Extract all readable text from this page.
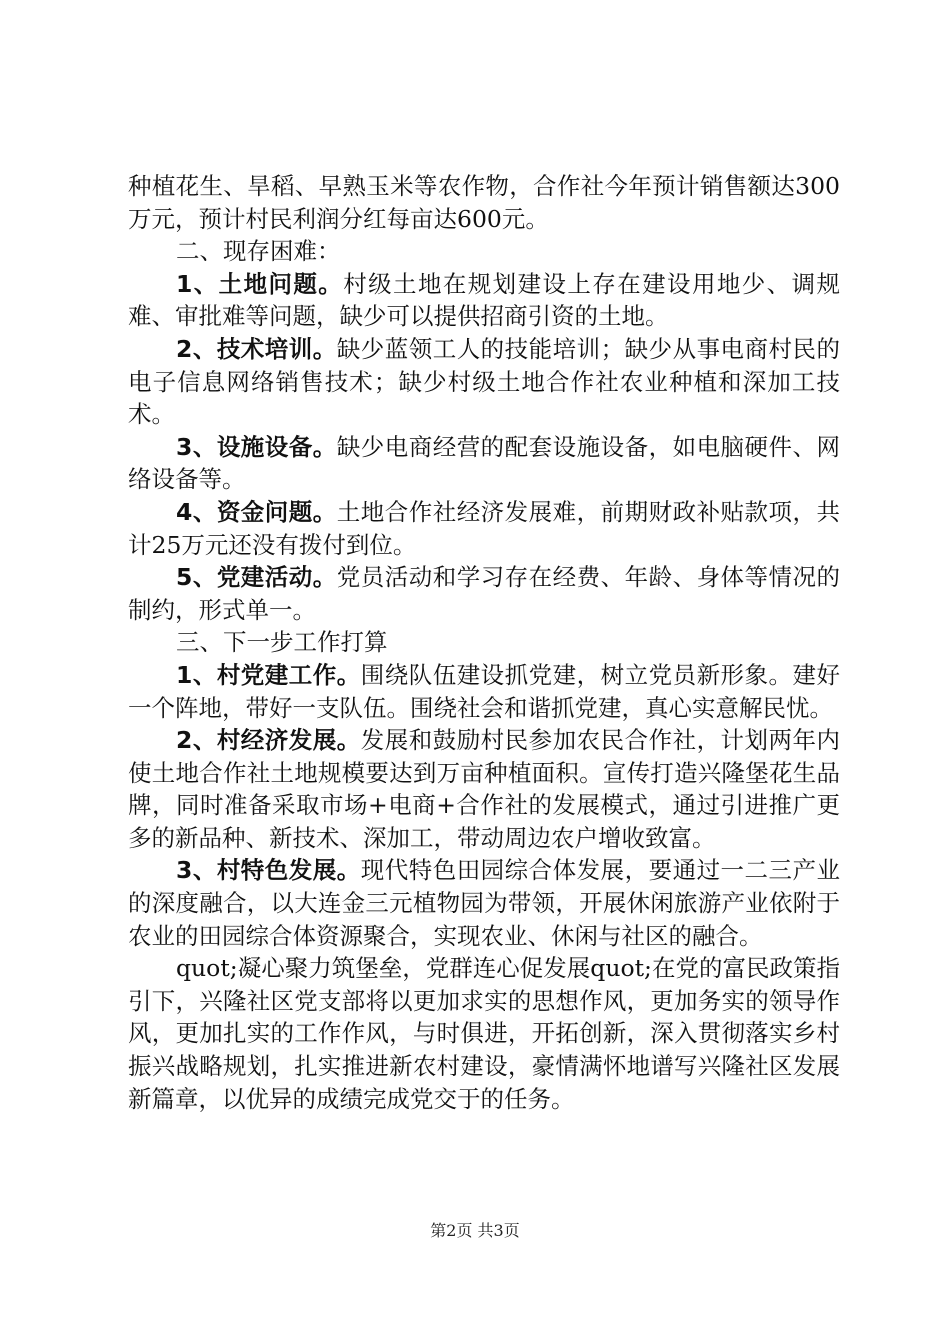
种植花生、旱稻、早熟玉米等农作物，合作社今年预计销售额达300万元，预计村民利润分红每亩达600元。

二、现存困难：

1、土地问题。村级土地在规划建设上存在建设用地少、调规难、审批难等问题，缺少可以提供招商引资的土地。

2、技术培训。缺少蓝领工人的技能培训；缺少从事电商村民的电子信息网络销售技术；缺少村级土地合作社农业种植和深加工技术。

3、设施设备。缺少电商经营的配套设施设备，如电脑硬件、网络设备等。

4、资金问题。土地合作社经济发展难，前期财政补贴款项，共计25万元还没有拨付到位。

5、党建活动。党员活动和学习存在经费、年龄、身体等情况的制约，形式单一。

三、下一步工作打算

1、村党建工作。围绕队伍建设抓党建，树立党员新形象。建好一个阵地，带好一支队伍。围绕社会和谐抓党建，真心实意解民忧。

2、村经济发展。发展和鼓励村民参加农民合作社，计划两年内使土地合作社土地规模要达到万亩种植面积。宣传打造兴隆堡花生品牌，同时准备采取市场+电商+合作社的发展模式，通过引进推广更多的新品种、新技术、深加工，带动周边农户增收致富。

3、村特色发展。现代特色田园综合体发展，要通过一二三产业的深度融合，以大连金三元植物园为带领，开展休闲旅游产业依附于农业的田园综合体资源聚合，实现农业、休闲与社区的融合。

quot;凝心聚力筑堡垒，党群连心促发展quot;在党的富民政策指引下，兴隆社区党支部将以更加求实的思想作风，更加务实的领导作风，更加扎实的工作作风，与时俱进，开拓创新，深入贯彻落实乡村振兴战略规划，扎实推进新农村建设，豪情满怀地谱写兴隆社区发展新篇章，以优异的成绩完成党交于的任务。

第2页 共3页
